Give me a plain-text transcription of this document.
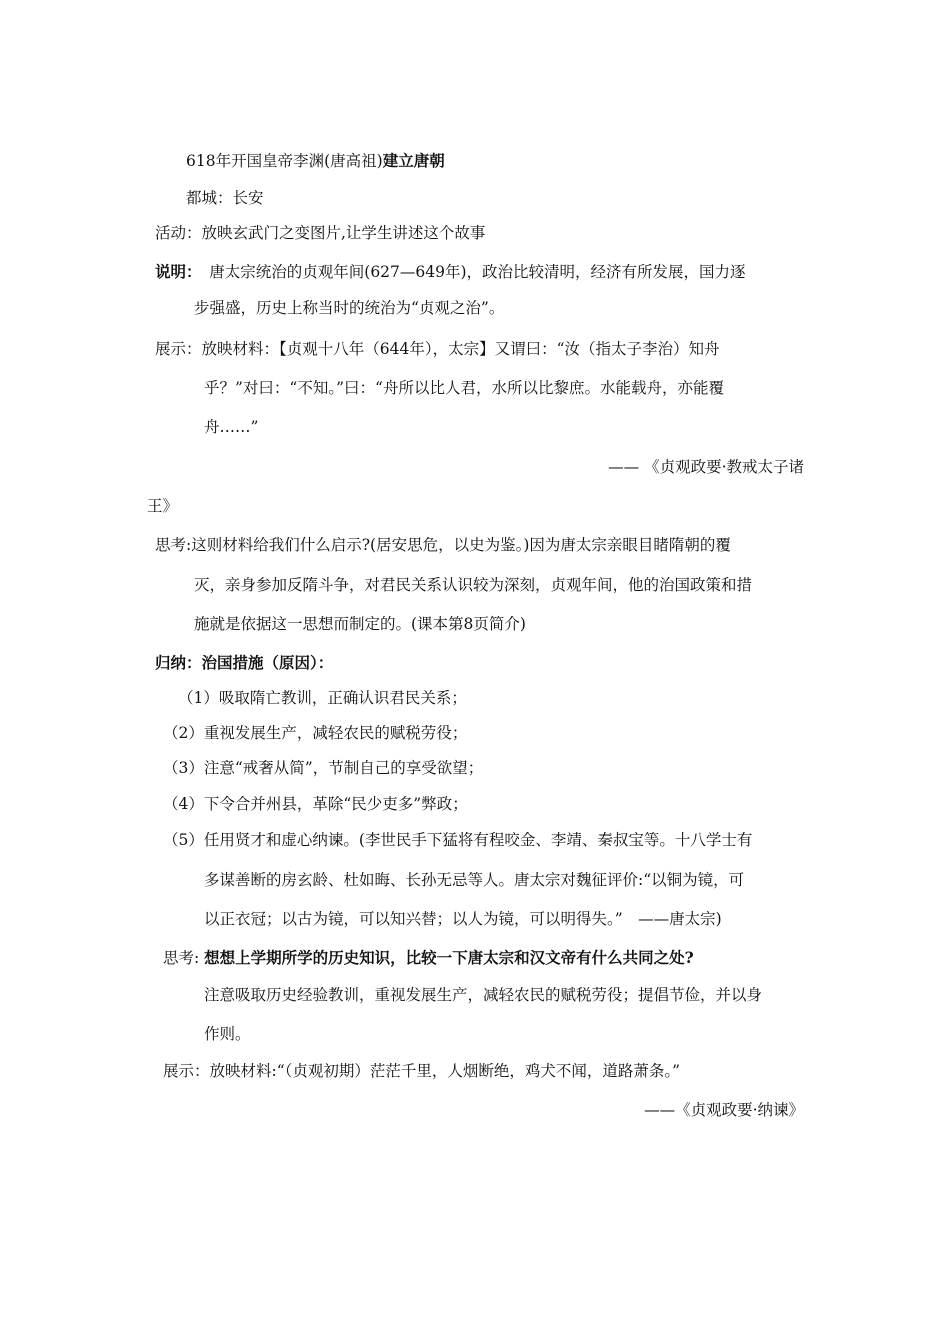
618年开国皇帝李渊(唐高祖)建立唐朝
都城：长安
活动：放映玄武门之变图片,让学生讲述这个故事
说明：　唐太宗统治的贞观年间(627—649年)，政治比较清明，经济有所发展，国力逐
步强盛，历史上称当时的统治为“贞观之治”。
展示：放映材料：【贞观十八年（644年），太宗】又谓曰：“汝（指太子李治）知舟
乎？”对曰：“不知。”曰：“舟所以比人君，水所以比黎庶。水能载舟，亦能覆
舟……”
—— 《贞观政要·教戒太子诸
王》
思考:这则材料给我们什么启示?(居安思危，以史为鉴。)因为唐太宗亲眼目睹隋朝的覆
灭，亲身参加反隋斗争，对君民关系认识较为深刻，贞观年间，他的治国政策和措
施就是依据这一思想而制定的。(课本第8页简介)
归纳：治国措施（原因）：
（1）吸取隋亡教训，正确认识君民关系；
（2）重视发展生产，减轻农民的赋税劳役；
（3）注意“戒奢从简”，节制自己的享受欲望；
（4）下令合并州县，革除“民少吏多”弊政；
（5）任用贤才和虚心纳谏。(李世民手下猛将有程咬金、李靖、秦叔宝等。十八学士有
多谋善断的房玄龄、杜如晦、长孙无忌等人。唐太宗对魏征评价:“以铜为镜，可
以正衣冠；以古为镜，可以知兴替；以人为镜，可以明得失。”　——唐太宗)
思考: 想想上学期所学的历史知识，比较一下唐太宗和汉文帝有什么共同之处?
注意吸取历史经验教训，重视发展生产，减轻农民的赋税劳役；提倡节俭，并以身
作则。
展示：放映材料:“（贞观初期）茫茫千里，人烟断绝，鸡犬不闻，道路萧条。”
——《贞观政要·纳谏》
